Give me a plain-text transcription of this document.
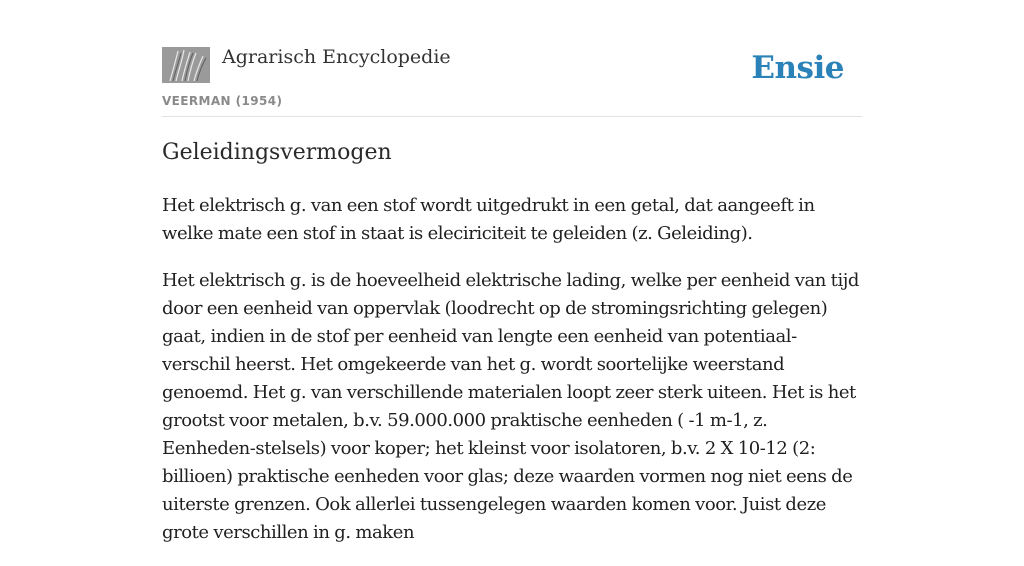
Agrarisch Encyclopedie
VEERMAN (1954)
Ensie
Geleidingsvermogen

Het elektrisch g. van een stof wordt uitgedrukt in een getal, dat aangeeft in welke mate een stof in staat is eleciriciteit te geleiden (z. Geleiding).

Het elektrisch g. is de hoeveelheid elektrische lading, welke per eenheid van tijd door een eenheid van oppervlak (loodrecht op de stromingsrichting gelegen) gaat, indien in de stof per eenheid van lengte een eenheid van potentiaal-verschil heerst. Het omgekeerde van het g. wordt soortelijke weerstand genoemd. Het g. van verschillende materialen loopt zeer sterk uiteen. Het is het grootst voor metalen, b.v. 59.000.000 praktische eenheden ( -1 m-1, z. Eenheden-stelsels) voor koper; het kleinst voor isolatoren, b.v. 2 X 10-12 (2: billioen) praktische eenheden voor glas; deze waarden vormen nog niet eens de uiterste grenzen. Ook allerlei tussengelegen waarden komen voor. Juist deze grote verschillen in g. maken
